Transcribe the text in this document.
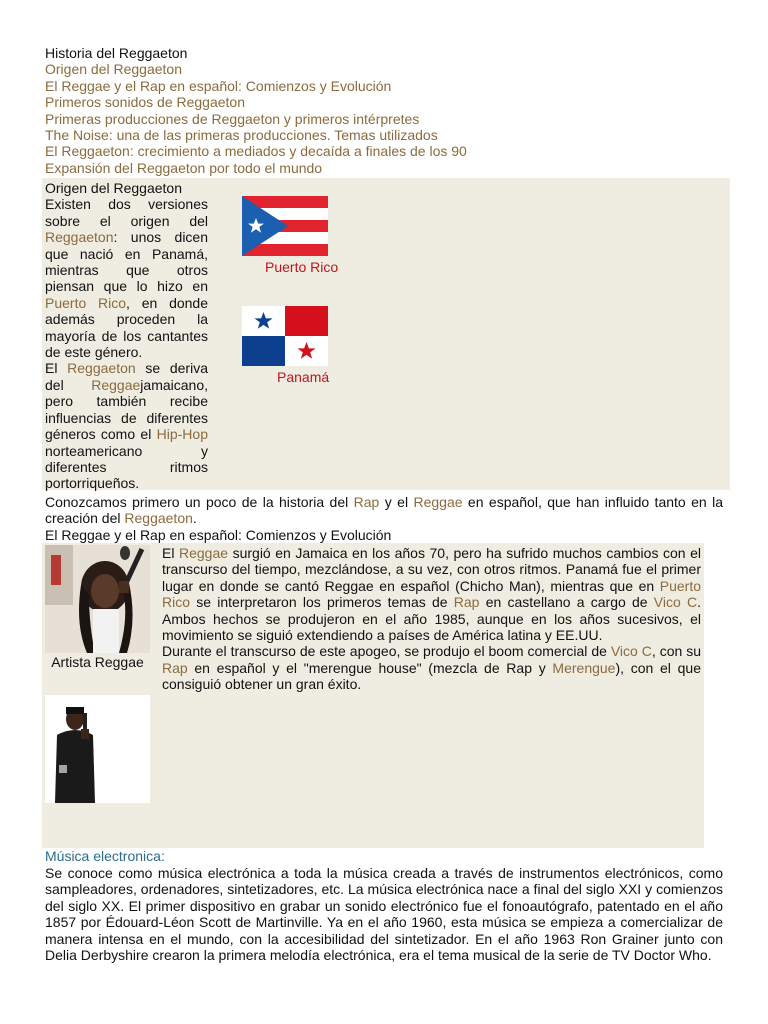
Historia del Reggaeton
Origen del Reggaeton
El Reggae y el Rap en español: Comienzos y Evolución
Primeros sonidos de Reggaeton
Primeras producciones de Reggaeton y primeros intérpretes
The Noise: una de las primeras producciones. Temas utilizados
El Reggaeton: crecimiento a mediados y decaída a finales de los 90
Expansión del Reggaeton por todo el mundo
Origen del Reggaeton
Existen dos versiones sobre el origen del Reggaeton: unos dicen que nació en Panamá, mientras que otros piensan que lo hizo en Puerto Rico, en donde además proceden la mayoría de los cantantes de este género.
El Reggaeton se deriva del Reggaejamaicano, pero también recibe influencias de diferentes géneros como el Hip-Hop norteamericano y diferentes ritmos portorriqueños.
Puerto Rico
Panamá
Conozcamos primero un poco de la historia del Rap y el Reggae en español, que han influido tanto en la creación del Reggaeton.
El Reggae y el Rap en español: Comienzos y Evolución
Artista Reggae
El Reggae surgió en Jamaica en los años 70, pero ha sufrido muchos cambios con el transcurso del tiempo, mezclándose, a su vez, con otros ritmos. Panamá fue el primer lugar en donde se cantó Reggae en español (Chicho Man), mientras que en Puerto Rico se interpretaron los primeros temas de Rap en castellano a cargo de Vico C. Ambos hechos se produjeron en el año 1985, aunque en los años sucesivos, el movimiento se siguió extendiendo a países de América latina y EE.UU.
Durante el transcurso de este apogeo, se produjo el boom comercial de Vico C, con su Rap en español y el "merengue house" (mezcla de Rap y Merengue), con el que consiguió obtener un gran éxito.
Música electronica:
Se conoce como música electrónica a toda la música creada a través de instrumentos electrónicos, como sampleadores, ordenadores, sintetizadores, etc. La música electrónica nace a final del siglo XXI y comienzos del siglo XX. El primer dispositivo en grabar un sonido electrónico fue el fonoautógrafo, patentado en el año 1857 por Édouard-Léon Scott de Martinville. Ya en el año 1960, esta música se empieza a comercializar de manera intensa en el mundo, con la accesibilidad del sintetizador. En el año 1963 Ron Grainer junto con Delia Derbyshire crearon la primera melodía electrónica, era el tema musical de la serie de TV Doctor Who.
